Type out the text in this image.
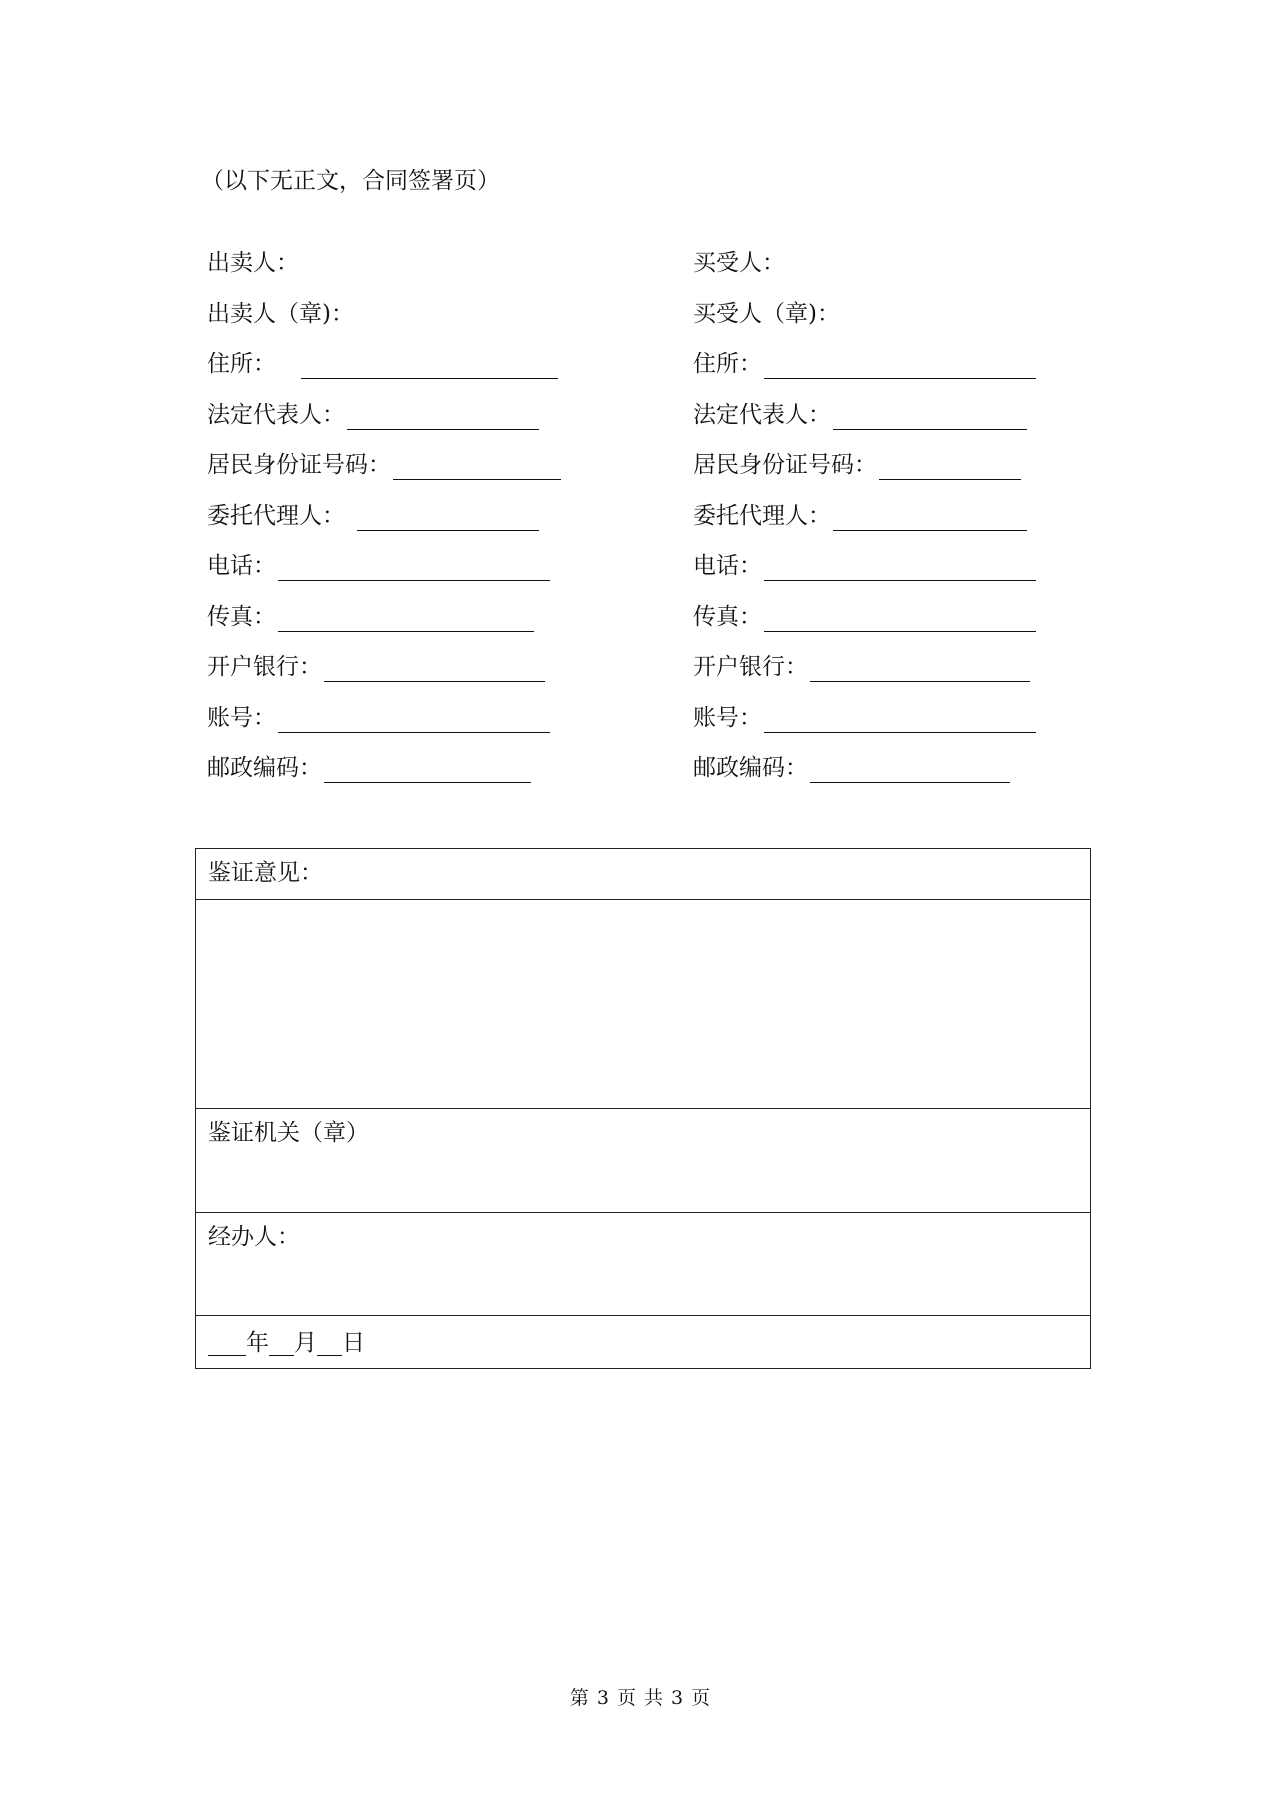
（以下无正文，合同签署页）
出卖人：
出卖人（章)：
住所：
法定代表人：
居民身份证号码：
委托代理人：
电话：
传真：
开户银行：
账号：
邮政编码：
买受人：
买受人（章)：
住所：
法定代表人：
居民身份证号码：
委托代理人：
电话：
传真：
开户银行：
账号：
邮政编码：
鉴证意见：
鉴证机关（章）
经办人：
年 月 日
第 3 页 共 3 页
